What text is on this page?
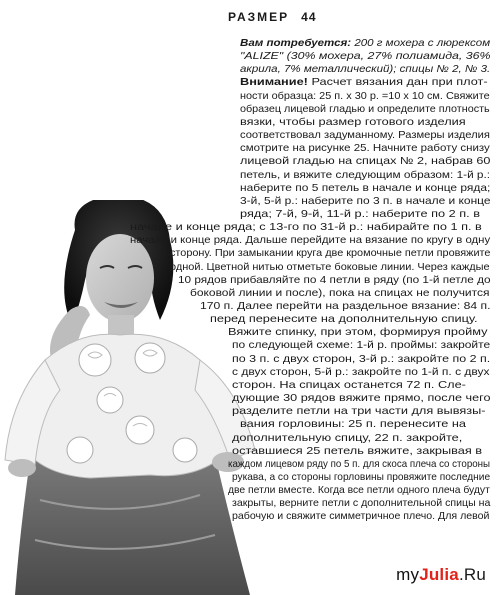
РАЗМЕР 44
Вам потребуется: 200 г мохера с люрексом
"ALIZE" (30% мохера, 27% полиамида, 36%
акрила, 7% металлический); спицы № 2, № 3.
Внимание! Расчет вязания дан при плот-
ности образца: 25 п. х 30 р. =10 х 10 см. Свяжите
образец лицевой гладью и определите плотность
вязки, чтобы размер готового изделия
соответствовал задуманному. Размеры изделия
смотрите на рисунке 25. Начните работу снизу
лицевой гладью на спицах № 2, набрав 60
петель, и вяжите следующим образом: 1-й р.:
наберите по 5 петель в начале и конце ряда;
3-й, 5-й р.: наберите по 3 п. в начале и конце
ряда; 7-й, 9-й, 11-й р.: наберите по 2 п. в
начале и конце ряда; с 13-го по 31-й р.: набирайте по 1 п. в
начале и конце ряда. Дальше перейдите на вязание по кругу в одну
сторону. При замыкании круга две кромочные петли провяжите
одной. Цветной нитью отметьте боковые линии. Через каждые
10 рядов прибавляйте по 4 петли в ряду (по 1-й петле до
боковой линии и после), пока на спицах не получится
170 п. Далее перейти на раздельное вязание: 84 п.
перед перенесите на дополнительную спицу.
Вяжите спинку, при этом, формируя пройму
по следующей схеме: 1-й р. проймы: закройте
по 3 п. с двух сторон, 3-й р.: закройте по 2 п.
с двух сторон, 5-й р.: закройте по 1-й п. с двух
сторон. На спицах останется 72 п. Сле-
дующие 30 рядов вяжите прямо, после чего
разделите петли на три части для вывязы-
вания горловины: 25 п. перенесите на
дополнительную спицу, 22 п. закройте,
оставшиеся 25 петель вяжите, закрывая в
каждом лицевом ряду по 5 п. для скоса плеча со стороны
рукава, а со стороны горловины провяжите последние
две петли вместе. Когда все петли одного плеча будут
закрыты, верните петли с дополнительной спицы на
рабочую и свяжите симметричное плечо. Для левой
myJulia.Ru
